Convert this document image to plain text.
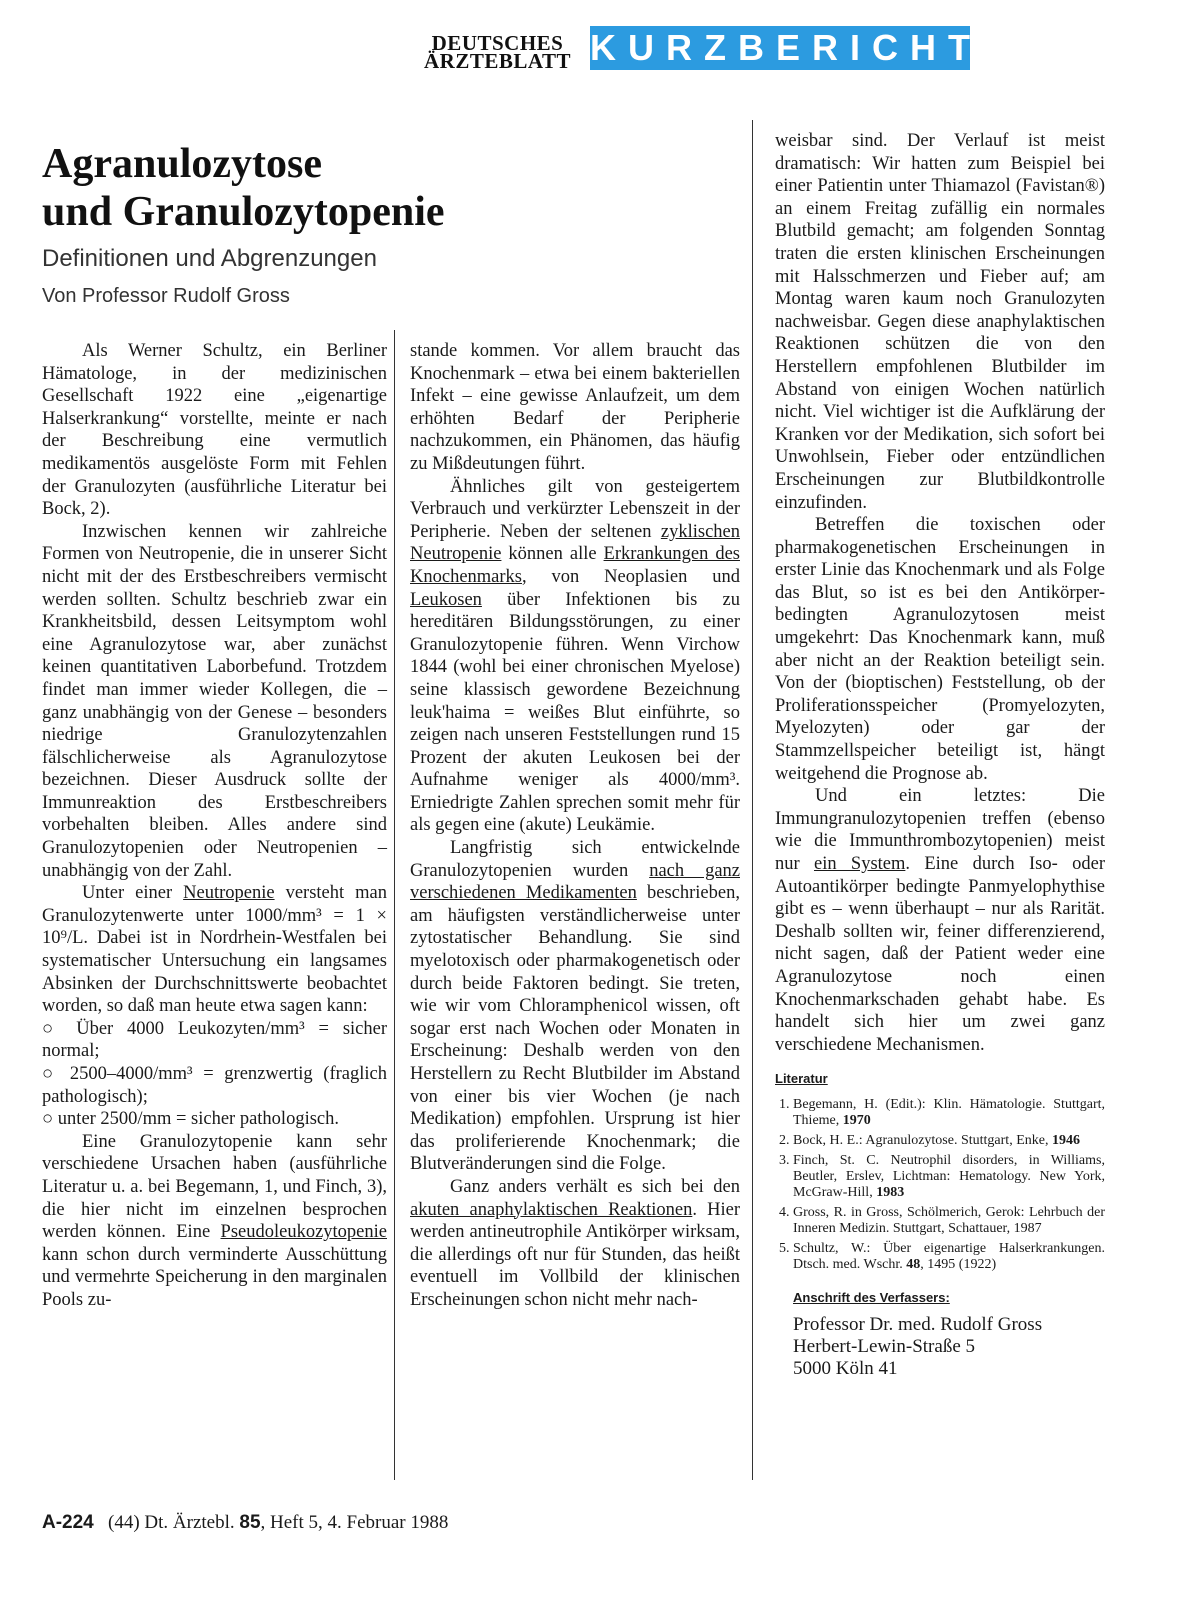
DEUTSCHES
ÄRZTEBLATT KURZBERICHT
Agranulozytose
und Granulozytopenie
Definitionen und Abgrenzungen
Von Professor Rudolf Gross

Als Werner Schultz, ein Berliner Hämatologe, in der medizinischen Gesellschaft 1922 eine „eigenartige Halserkrankung“ vorstellte, meinte er nach der Beschreibung eine vermutlich medikamentös ausgelöste Form mit Fehlen der Granulozyten (ausführliche Literatur bei Bock, 2).

Inzwischen kennen wir zahlreiche Formen von Neutropenie, die in unserer Sicht nicht mit der des Erstbeschreibers vermischt werden sollten. Schultz beschrieb zwar ein Krankheitsbild, dessen Leitsymptom wohl eine Agranulozytose war, aber zunächst keinen quantitativen Laborbefund. Trotzdem findet man immer wieder Kollegen, die – ganz unabhängig von der Genese – besonders niedrige Granulozytenzahlen fälschlicherweise als Agranulozytose bezeichnen. Dieser Ausdruck sollte der Immunreaktion des Erstbeschreibers vorbehalten bleiben. Alles andere sind Granulozytopenien oder Neutropenien – unabhängig von der Zahl.

Unter einer Neutropenie versteht man Granulozytenwerte unter 1000/mm³ = 1 × 10⁹/L. Dabei ist in Nordrhein-Westfalen bei systematischer Untersuchung ein langsames Absinken der Durchschnittswerte beobachtet worden, so daß man heute etwa sagen kann:

○ Über 4000 Leukozyten/mm³ = sicher normal;

○ 2500–4000/mm³ = grenzwertig (fraglich pathologisch);

○ unter 2500/mm = sicher pathologisch.

Eine Granulozytopenie kann sehr verschiedene Ursachen haben (ausführliche Literatur u. a. bei Begemann, 1, und Finch, 3), die hier nicht im einzelnen besprochen werden können. Eine Pseudoleukozytopenie kann schon durch verminderte Ausschüttung und vermehrte Speicherung in den marginalen Pools zu-

stande kommen. Vor allem braucht das Knochenmark – etwa bei einem bakteriellen Infekt – eine gewisse Anlaufzeit, um dem erhöhten Bedarf der Peripherie nachzukommen, ein Phänomen, das häufig zu Mißdeutungen führt.

Ähnliches gilt von gesteigertem Verbrauch und verkürzter Lebenszeit in der Peripherie. Neben der seltenen zyklischen Neutropenie können alle Erkrankungen des Knochenmarks, von Neoplasien und Leukosen über Infektionen bis zu hereditären Bildungsstörungen, zu einer Granulozytopenie führen. Wenn Virchow 1844 (wohl bei einer chronischen Myelose) seine klassisch gewordene Bezeichnung leuk'haima = weißes Blut einführte, so zeigen nach unseren Feststellungen rund 15 Prozent der akuten Leukosen bei der Aufnahme weniger als 4000/mm³. Erniedrigte Zahlen sprechen somit mehr für als gegen eine (akute) Leukämie.

Langfristig sich entwickelnde Granulozytopenien wurden nach ganz verschiedenen Medikamenten beschrieben, am häufigsten verständlicherweise unter zytostatischer Behandlung. Sie sind myelotoxisch oder pharmakogenetisch oder durch beide Faktoren bedingt. Sie treten, wie wir vom Chloramphenicol wissen, oft sogar erst nach Wochen oder Monaten in Erscheinung: Deshalb werden von den Herstellern zu Recht Blutbilder im Abstand von einer bis vier Wochen (je nach Medikation) empfohlen. Ursprung ist hier das proliferierende Knochenmark; die Blutveränderungen sind die Folge.

Ganz anders verhält es sich bei den akuten anaphylaktischen Reaktionen. Hier werden antineutrophile Antikörper wirksam, die allerdings oft nur für Stunden, das heißt eventuell im Vollbild der klinischen Erscheinungen schon nicht mehr nach-

weisbar sind. Der Verlauf ist meist dramatisch: Wir hatten zum Beispiel bei einer Patientin unter Thiamazol (Favistan®) an einem Freitag zufällig ein normales Blutbild gemacht; am folgenden Sonntag traten die ersten klinischen Erscheinungen mit Halsschmerzen und Fieber auf; am Montag waren kaum noch Granulozyten nachweisbar. Gegen diese anaphylaktischen Reaktionen schützen die von den Herstellern empfohlenen Blutbilder im Abstand von einigen Wochen natürlich nicht. Viel wichtiger ist die Aufklärung der Kranken vor der Medikation, sich sofort bei Unwohlsein, Fieber oder entzündlichen Erscheinungen zur Blutbildkontrolle einzufinden.

Betreffen die toxischen oder pharmakogenetischen Erscheinungen in erster Linie das Knochenmark und als Folge das Blut, so ist es bei den Antikörper-bedingten Agranulozytosen meist umgekehrt: Das Knochenmark kann, muß aber nicht an der Reaktion beteiligt sein. Von der (bioptischen) Feststellung, ob der Proliferationsspeicher (Promyelozyten, Myelozyten) oder gar der Stammzellspeicher beteiligt ist, hängt weitgehend die Prognose ab.

Und ein letztes: Die Immungranulozytopenien treffen (ebenso wie die Immunthrombozytopenien) meist nur ein System. Eine durch Iso- oder Autoantikörper bedingte Panmyelophythise gibt es – wenn überhaupt – nur als Rarität. Deshalb sollten wir, feiner differenzierend, nicht sagen, daß der Patient weder eine Agranulozytose noch einen Knochenmarkschaden gehabt habe. Es handelt sich hier um zwei ganz verschiedene Mechanismen.

Literatur
1. Begemann, H. (Edit.): Klin. Hämatologie. Stuttgart, Thieme, 1970
2. Bock, H. E.: Agranulozytose. Stuttgart, Enke, 1946
3. Finch, St. C. Neutrophil disorders, in Williams, Beutler, Erslev, Lichtman: Hematology. New York, McGraw-Hill, 1983
4. Gross, R. in Gross, Schölmerich, Gerok: Lehrbuch der Inneren Medizin. Stuttgart, Schattauer, 1987
5. Schultz, W.: Über eigenartige Halserkrankungen. Dtsch. med. Wschr. 48, 1495 (1922)
Anschrift des Verfassers:
Professor Dr. med. Rudolf Gross
Herbert-Lewin-Straße 5
5000 Köln 41
A-224 (44) Dt. Ärztebl. 85, Heft 5, 4. Februar 1988
